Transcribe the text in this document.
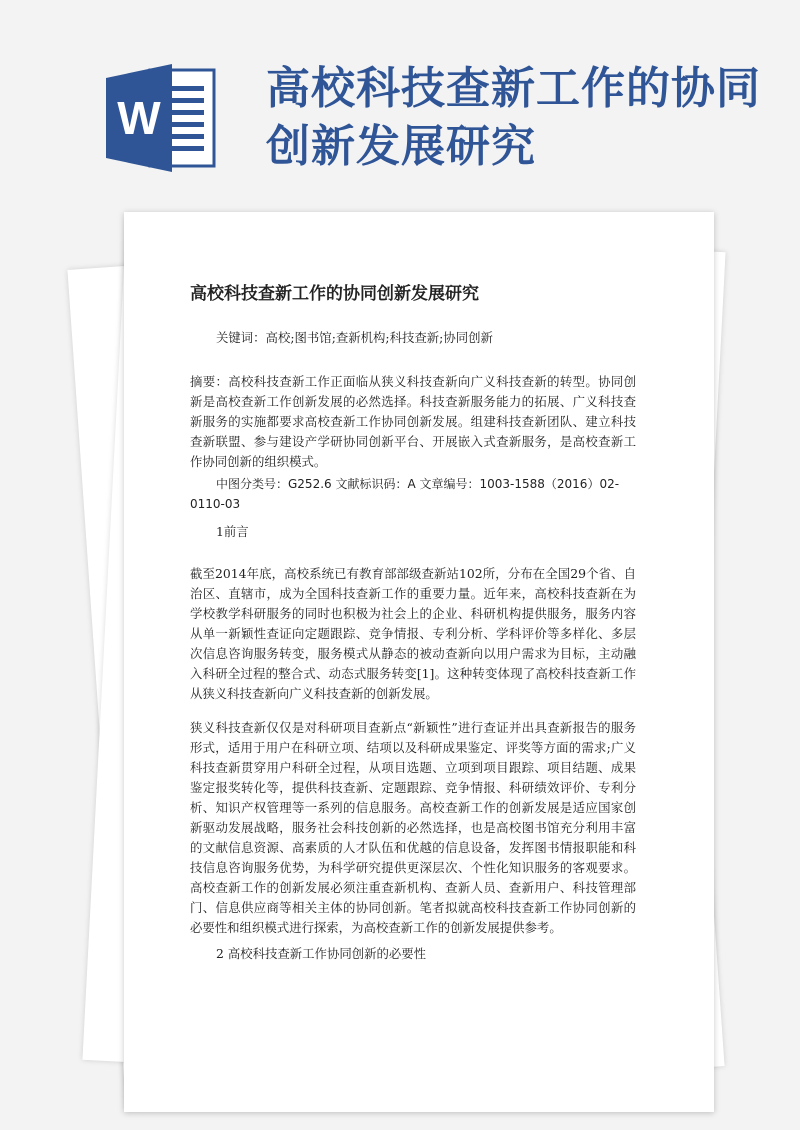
W
高校科技查新工作的协同创新发展研究
高校科技查新工作的协同创新发展研究
关键词：高校;图书馆;查新机构;科技查新;协同创新
摘要：高校科技查新工作正面临从狭义科技查新向广义科技查新的转型。协同创新是高校查新工作创新发展的必然选择。科技查新服务能力的拓展、广义科技查新服务的实施都要求高校查新工作协同创新发展。组建科技查新团队、建立科技查新联盟、参与建设产学研协同创新平台、开展嵌入式查新服务，是高校查新工作协同创新的组织模式。
中图分类号：G252.6 文献标识码：A 文章编号：1003-1588（2016）02-
0110-03
1前言
截至2014年底，高校系统已有教育部部级查新站102所，分布在全国29个省、自治区、直辖市，成为全国科技查新工作的重要力量。近年来，高校科技查新在为学校教学科研服务的同时也积极为社会上的企业、科研机构提供服务，服务内容从单一新颖性查证向定题跟踪、竞争情报、专利分析、学科评价等多样化、多层次信息咨询服务转变，服务模式从静态的被动查新向以用户需求为目标，主动融入科研全过程的整合式、动态式服务转变[1]。这种转变体现了高校科技查新工作从狭义科技查新向广义科技查新的创新发展。
狭义科技查新仅仅是对科研项目查新点“新颖性”进行查证并出具查新报告的服务形式，适用于用户在科研立项、结项以及科研成果鉴定、评奖等方面的需求;广义科技查新贯穿用户科研全过程，从项目选题、立项到项目跟踪、项目结题、成果鉴定报奖转化等，提供科技查新、定题跟踪、竞争情报、科研绩效评价、专利分析、知识产权管理等一系列的信息服务。高校查新工作的创新发展是适应国家创新驱动发展战略，服务社会科技创新的必然选择，也是高校图书馆充分利用丰富的文献信息资源、高素质的人才队伍和优越的信息设备，发挥图书情报职能和科技信息咨询服务优势，为科学研究提供更深层次、个性化知识服务的客观要求。高校查新工作的创新发展必须注重查新机构、查新人员、查新用户、科技管理部门、信息供应商等相关主体的协同创新。笔者拟就高校科技查新工作协同创新的必要性和组织模式进行探索，为高校查新工作的创新发展提供参考。
2 高校科技查新工作协同创新的必要性
